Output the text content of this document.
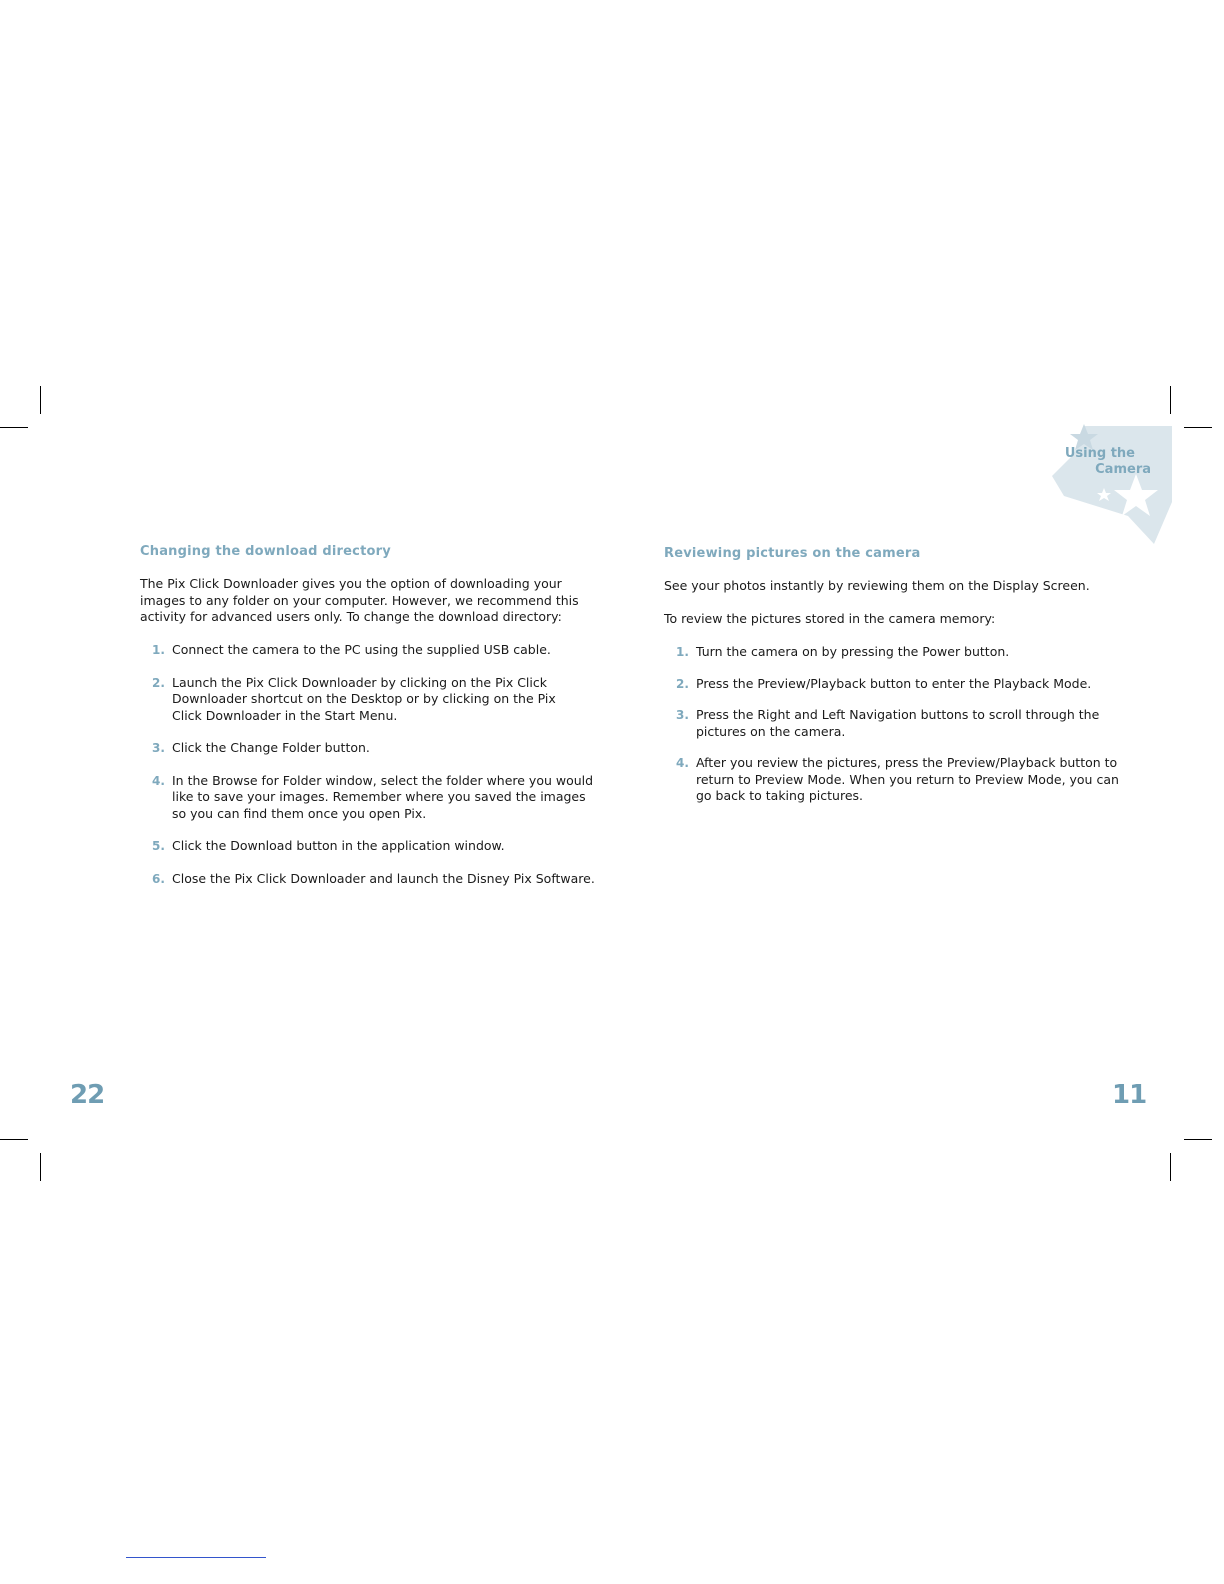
Using the
Camera
Changing the download directory
The Pix Click Downloader gives you the option of downloading your
images to any folder on your computer. However, we recommend this
activity for advanced users only. To change the download directory:
1. Connect the camera to the PC using the supplied USB cable.
2. Launch the Pix Click Downloader by clicking on the Pix Click
Downloader shortcut on the Desktop or by clicking on the Pix
Click Downloader in the Start Menu.
3. Click the Change Folder button.
4. In the Browse for Folder window, select the folder where you would
like to save your images. Remember where you saved the images
so you can find them once you open Pix.
5. Click the Download button in the application window.
6. Close the Pix Click Downloader and launch the Disney Pix Software.
22
Reviewing pictures on the camera

See your photos instantly by reviewing them on the Display Screen.

To review the pictures stored in the camera memory:

1. Turn the camera on by pressing the Power button.
2. Press the Preview/Playback button to enter the Playback Mode.
3. Press the Right and Left Navigation buttons to scroll through the
pictures on the camera.
4. After you review the pictures, press the Preview/Playback button to
return to Preview Mode. When you return to Preview Mode, you can
go back to taking pictures.
11
